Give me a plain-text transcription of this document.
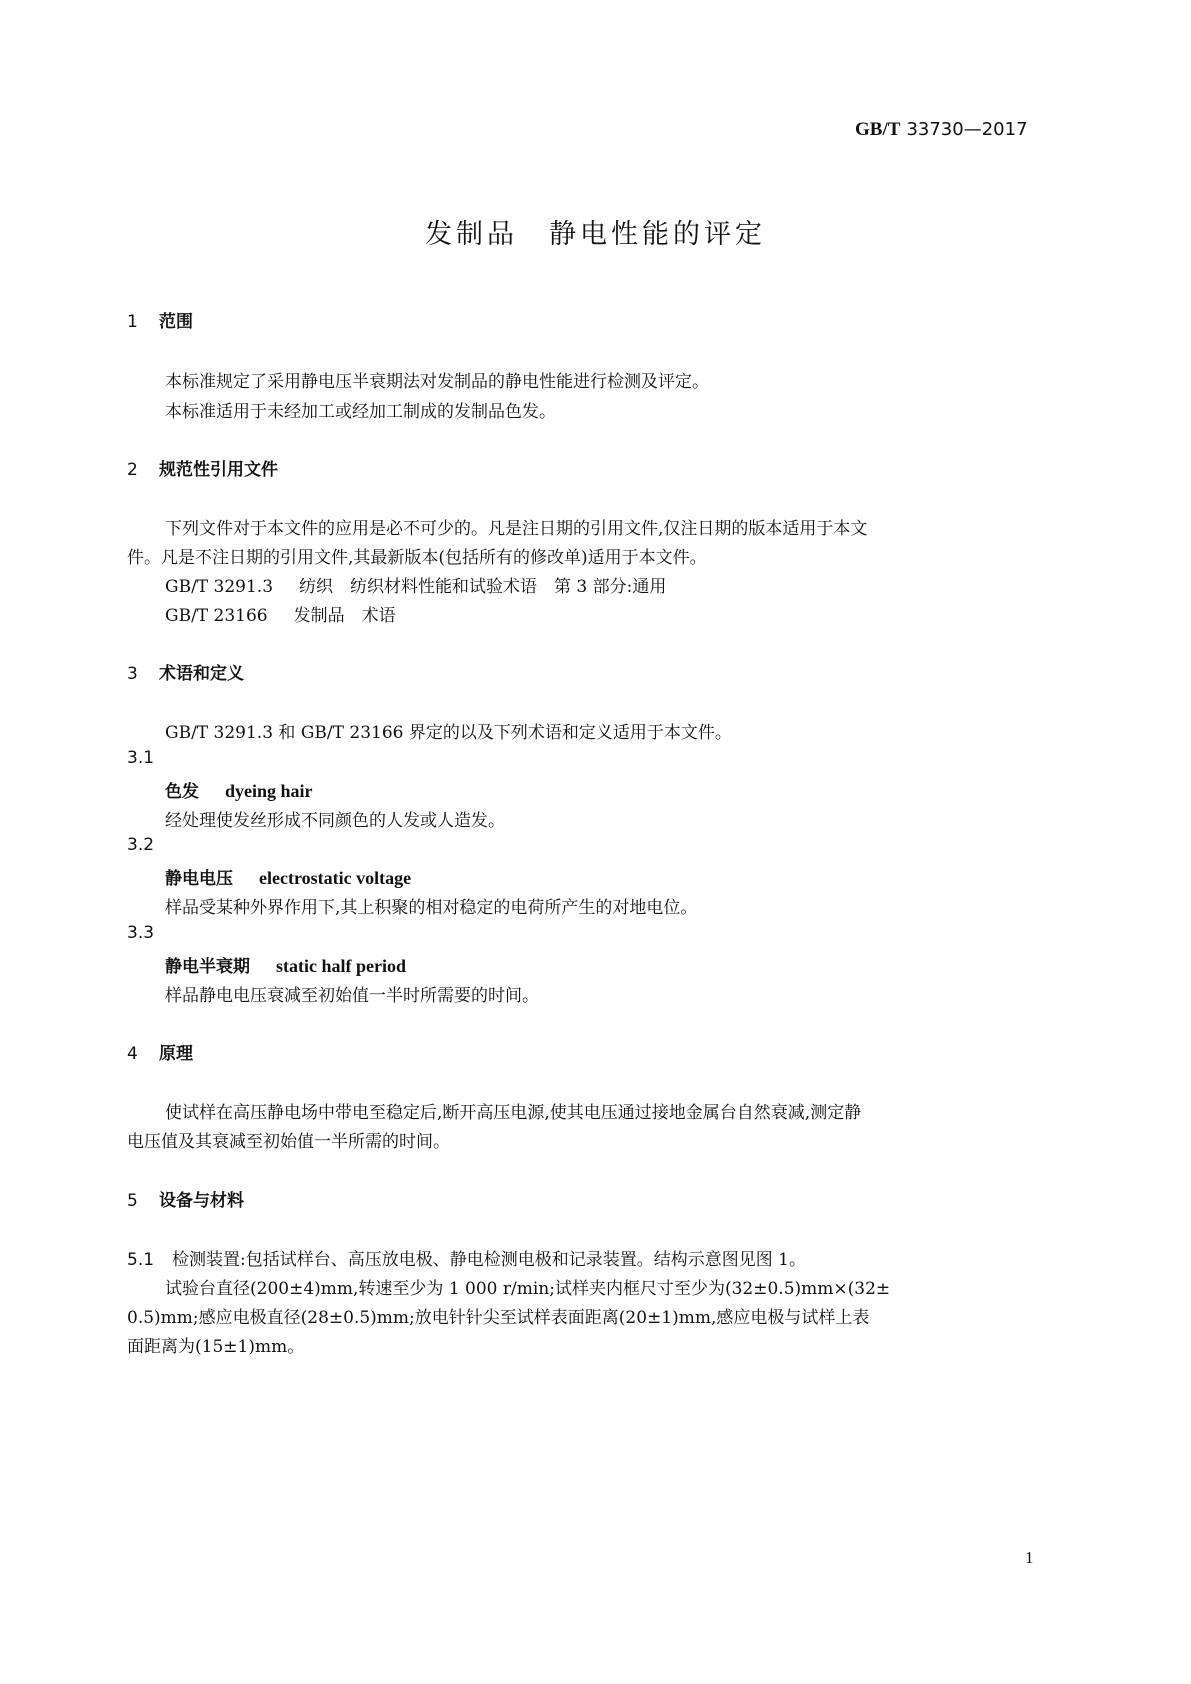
GB/T 33730—2017
发制品　静电性能的评定
1 范围
本标准规定了采用静电压半衰期法对发制品的静电性能进行检测及评定。
本标准适用于未经加工或经加工制成的发制品色发。
2 规范性引用文件
下列文件对于本文件的应用是必不可少的。凡是注日期的引用文件,仅注日期的版本适用于本文
件。凡是不注日期的引用文件,其最新版本(包括所有的修改单)适用于本文件。
GB/T 3291.3 纺织　纺织材料性能和试验术语　第 3 部分:通用
GB/T 23166 发制品　术语
3 术语和定义
GB/T 3291.3 和 GB/T 23166 界定的以及下列术语和定义适用于本文件。
3.1
色发 dyeing hair
经处理使发丝形成不同颜色的人发或人造发。
3.2
静电电压 electrostatic voltage
样品受某种外界作用下,其上积聚的相对稳定的电荷所产生的对地电位。
3.3
静电半衰期 static half period
样品静电电压衰减至初始值一半时所需要的时间。
4 原理
使试样在高压静电场中带电至稳定后,断开高压电源,使其电压通过接地金属台自然衰减,测定静
电压值及其衰减至初始值一半所需的时间。
5 设备与材料
5.1 检测装置:包括试样台、高压放电极、静电检测电极和记录装置。结构示意图见图 1。
试验台直径(200±4)mm,转速至少为 1 000 r/min;试样夹内框尺寸至少为(32±0.5)mm×(32±
0.5)mm;感应电极直径(28±0.5)mm;放电针针尖至试样表面距离(20±1)mm,感应电极与试样上表
面距离为(15±1)mm。
1
